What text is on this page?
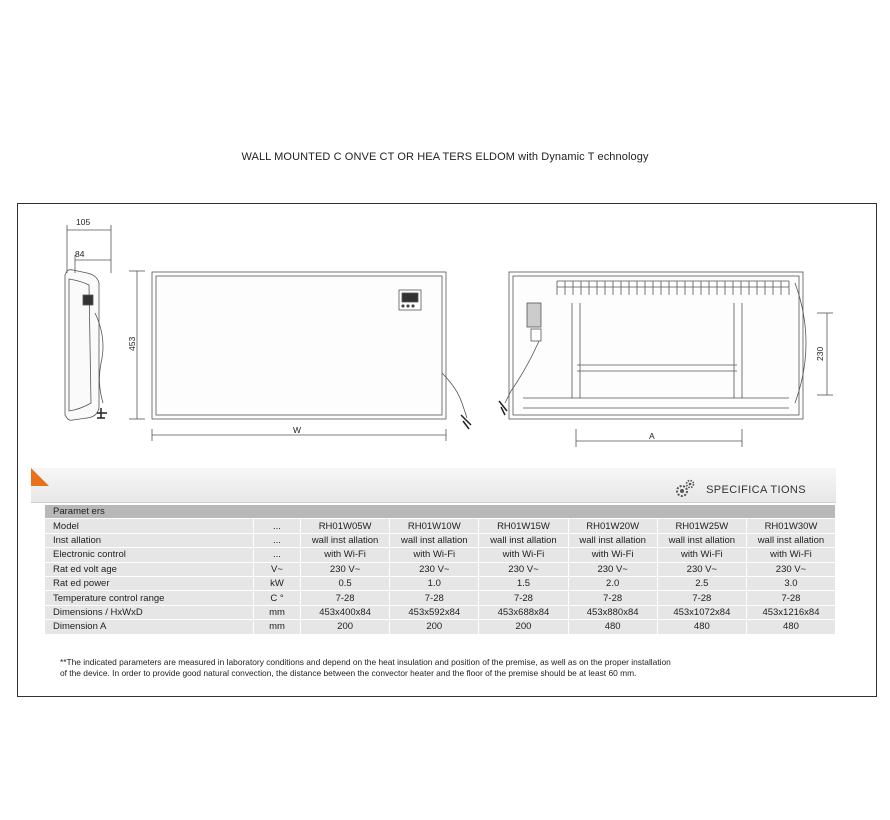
WALL MOUNTED C ONVE CT OR HEA TERS ELDOM with Dynamic T echnology
105
84
453
W
230
A
SPECIFICA TIONS
Paramet ers							
Model	...	RH01W05W	RH01W10W	RH01W15W	RH01W20W	RH01W25W	RH01W30W
Inst allation	...	wall inst allation	wall inst allation	wall inst allation	wall inst allation	wall inst allation	wall inst allation
Electronic control	...	with Wi-Fi	with Wi-Fi	with Wi-Fi	with Wi-Fi	with Wi-Fi	with Wi-Fi
Rat ed volt age	V~	230 V~	230 V~	230 V~	230 V~	230 V~	230 V~
Rat ed power	kW	0.5	1.0	1.5	2.0	2.5	3.0
Temperature control range	C °	7-28	7-28	7-28	7-28	7-28	7-28
Dimensions / HxWxD	mm	453x400x84	453x592x84	453x688x84	453x880x84	453x1072x84	453x1216x84
Dimension A	mm	200	200	200	480	480	480
**The indicated parameters are measured in laboratory conditions and depend on the heat insulation and position of the premise, as well as on the proper installation
of the device. In order to provide good natural convection, the distance between the convector heater and the floor of the premise should be at least 60 mm.
